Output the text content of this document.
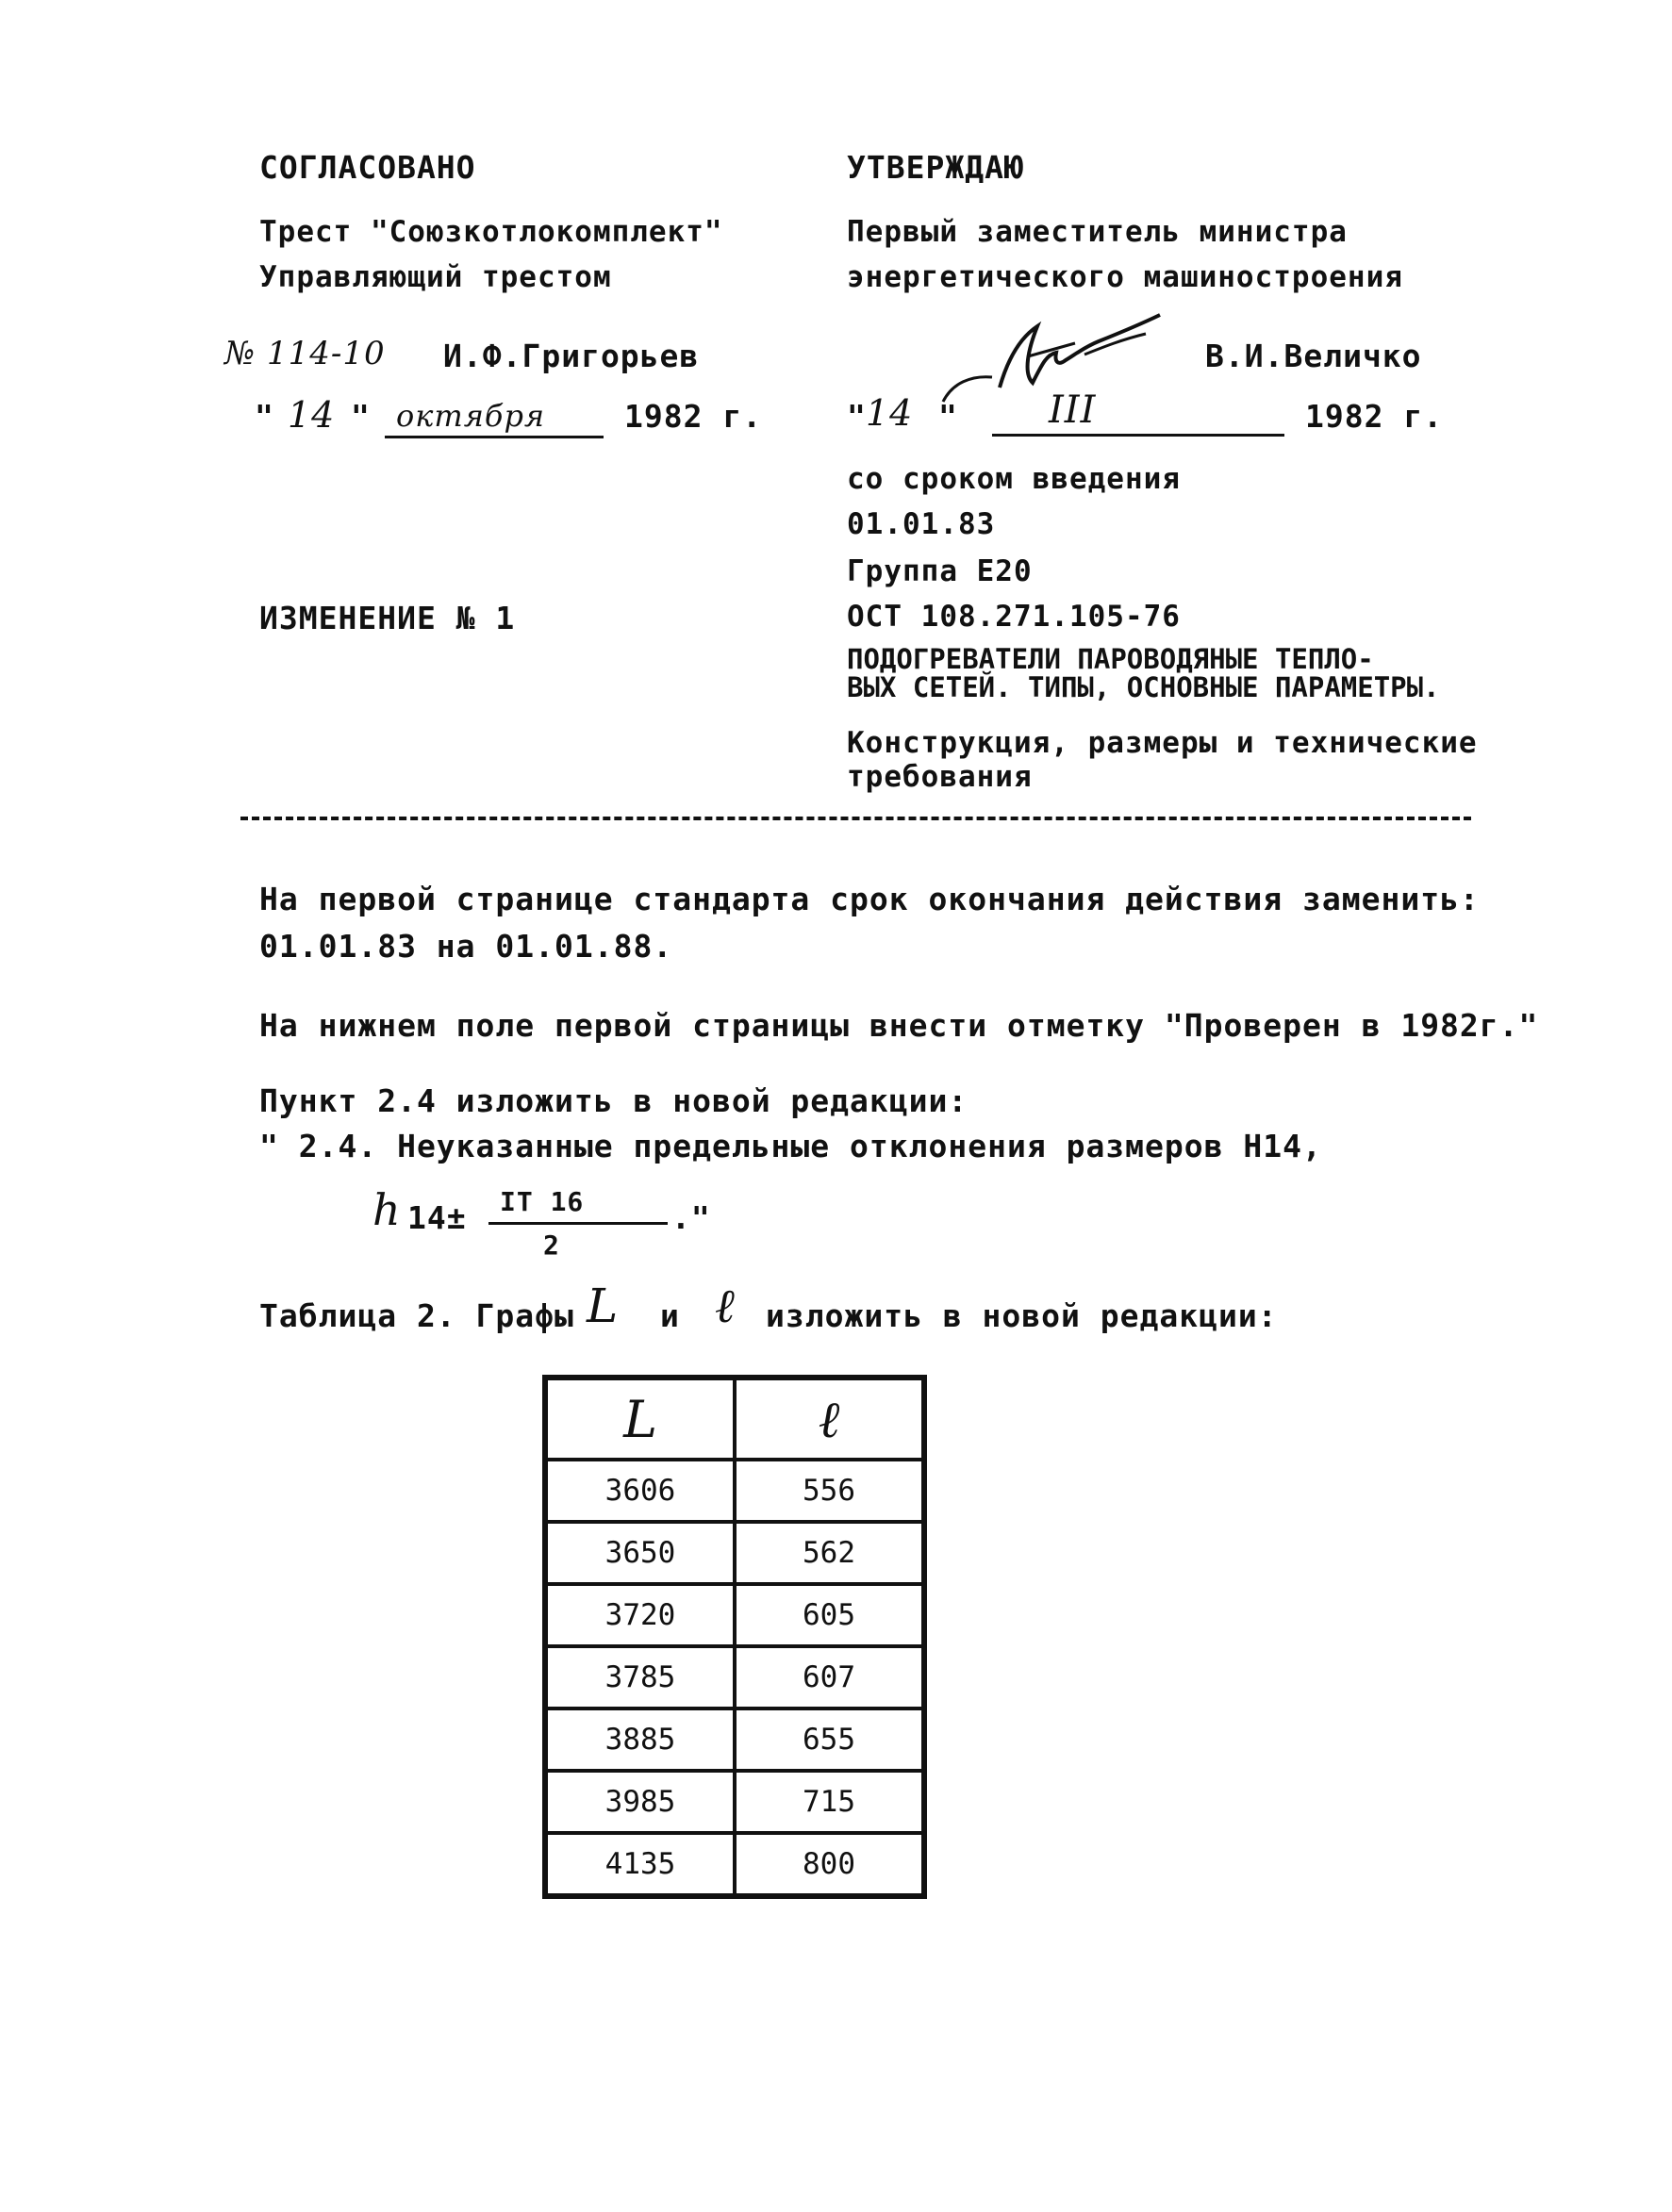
СОГЛАСОВАНО
Трест "Союзкотлокомплект"
Управляющий трестом
№ 114-10 И.Ф.Григорьев
" 14 " октября	1982 г.
УТВЕРЖДАЮ
Первый заместитель министра
энергетического машиностроения
В.И.Величко
" 14 " III	1982 г.
со сроком введения
01.01.83
Группа Е20
ОСТ 108.271.105-76
ПОДОГРЕВАТЕЛИ ПАРОВОДЯНЫЕ ТЕПЛО-
ВЫХ СЕТЕЙ. ТИПЫ, ОСНОВНЫЕ ПАРАМЕТРЫ.
Конструкция, размеры и технические
требования
ИЗМЕНЕНИЕ № 1
На первой странице стандарта срок окончания действия заменить:
01.01.83 на 01.01.88.
На нижнем поле первой страницы внести отметку "Проверен в 1982г."
Пункт 2.4 изложить в новой редакции:
" 2.4. Неуказанные предельные отклонения размеров Н14,
h 14± IT 16
2
."
Таблица 2. Графы L и ℓ изложить в новой редакции:
L	ℓ
3606	556
3650	562
3720	605
3785	607
3885	655
3985	715
4135	800
